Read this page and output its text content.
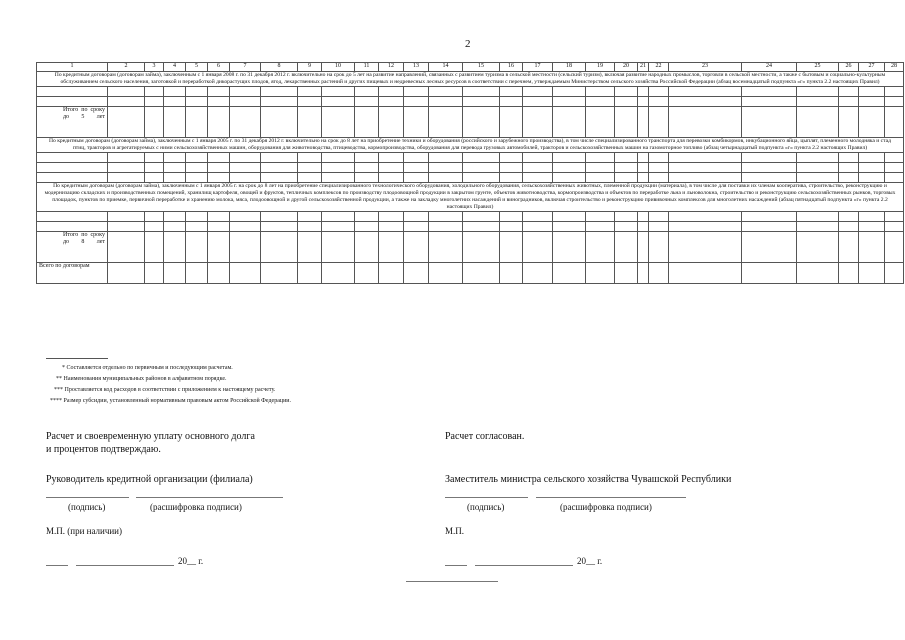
2
1	2	3	4	5	6	7	8	9	10	11	12	13	14	15	16	17	18	19	20	21	22	23	24	25	26	27	28
По кредитным договорам (договорам займа), заключенным с 1 января 2008 г. по 31 декабря 2012 г. включительно на срок до 5 лет на развитие направлений, связанных с развитием туризма в сельской местности (сельский туризм), включая развитие народных промыслов, торговли в сельской местности, а также с бытовым и социально-культурным обслуживанием сельского населения, заготовкой и переработкой дикорастущих плодов, ягод, лекарственных растений и других пищевых и недревесных лесных ресурсов в соответствии с перечнем, утверждаемым Министерством сельского хозяйства Российской Федерации (абзац восемнадцатый подпункта «г» пункта 2.2 настоящих Правил)																											

Итого по сроку до 5 лет																											

По кредитным договорам (договорам займа), заключенным с 1 января 2005 г. по 31 декабря 2012 г. включительно на срок до 8 лет на приобретение техники и оборудования (российского и зарубежного производства), в том числе специализированного транспорта для перевозки комбикормов, инкубационного яйца, цыплят, племенного молодняка и стад птиц, тракторов и агрегатируемых с ними сельскохозяйственных машин, оборудования для животноводства, птицеводства, кормопроизводства, оборудования для перевода грузовых автомобилей, тракторов и сельскохозяйственных машин на газомоторное топливо (абзац четырнадцатый подпункта «г» пункта 2.2 настоящих Правил)																											

По кредитным договорам (договорам займа), заключенным с 1 января 2005 г. на срок до 8 лет на приобретение специализированного технологического оборудования, холодильного оборудования, сельскохозяйственных животных, племенной продукции (материала), в том числе для поставки их членам кооператива, строительство, реконструкцию и модернизацию складских и производственных помещений, хранилищ картофеля, овощей и фруктов, тепличных комплексов по производству плодоовощной продукции в закрытом грунте, объектов животноводства, кормопроизводства и объектов по переработке льна и льноволокна, строительство и реконструкцию сельскохозяйственных рынков, торговых площадок, пунктов по приемке, первичной переработке и хранению молока, мяса, плодоовощной и другой сельскохозяйственной продукции, а также на закладку многолетних насаждений и виноградников, включая строительство и реконструкцию прививочных комплексов для многолетних насаждений (абзац пятнадцатый подпункта «г» пункта 2.2 настоящих Правил)																											

Итого по сроку до 8 лет																											

Всего по договорам																											

* Составляется отдельно по первичным и последующим расчетам.
** Наименования муниципальных районов в алфавитном порядке.
*** Проставляется код расходов в соответствии с приложением к настоящему расчету.
**** Размер субсидии, установленный нормативным правовым актом Российской Федерации.
Расчет и своевременную уплату основного долга
и процентов подтверждаю.
Руководитель кредитной организации (филиала)
(подпись)	(расшифровка подписи)
М.П. (при наличии)
20__ г.
Расчет согласован.
Заместитель министра сельского хозяйства Чувашской Республики
(подпись)	(расшифровка подписи)
М.П.
20__ г.
